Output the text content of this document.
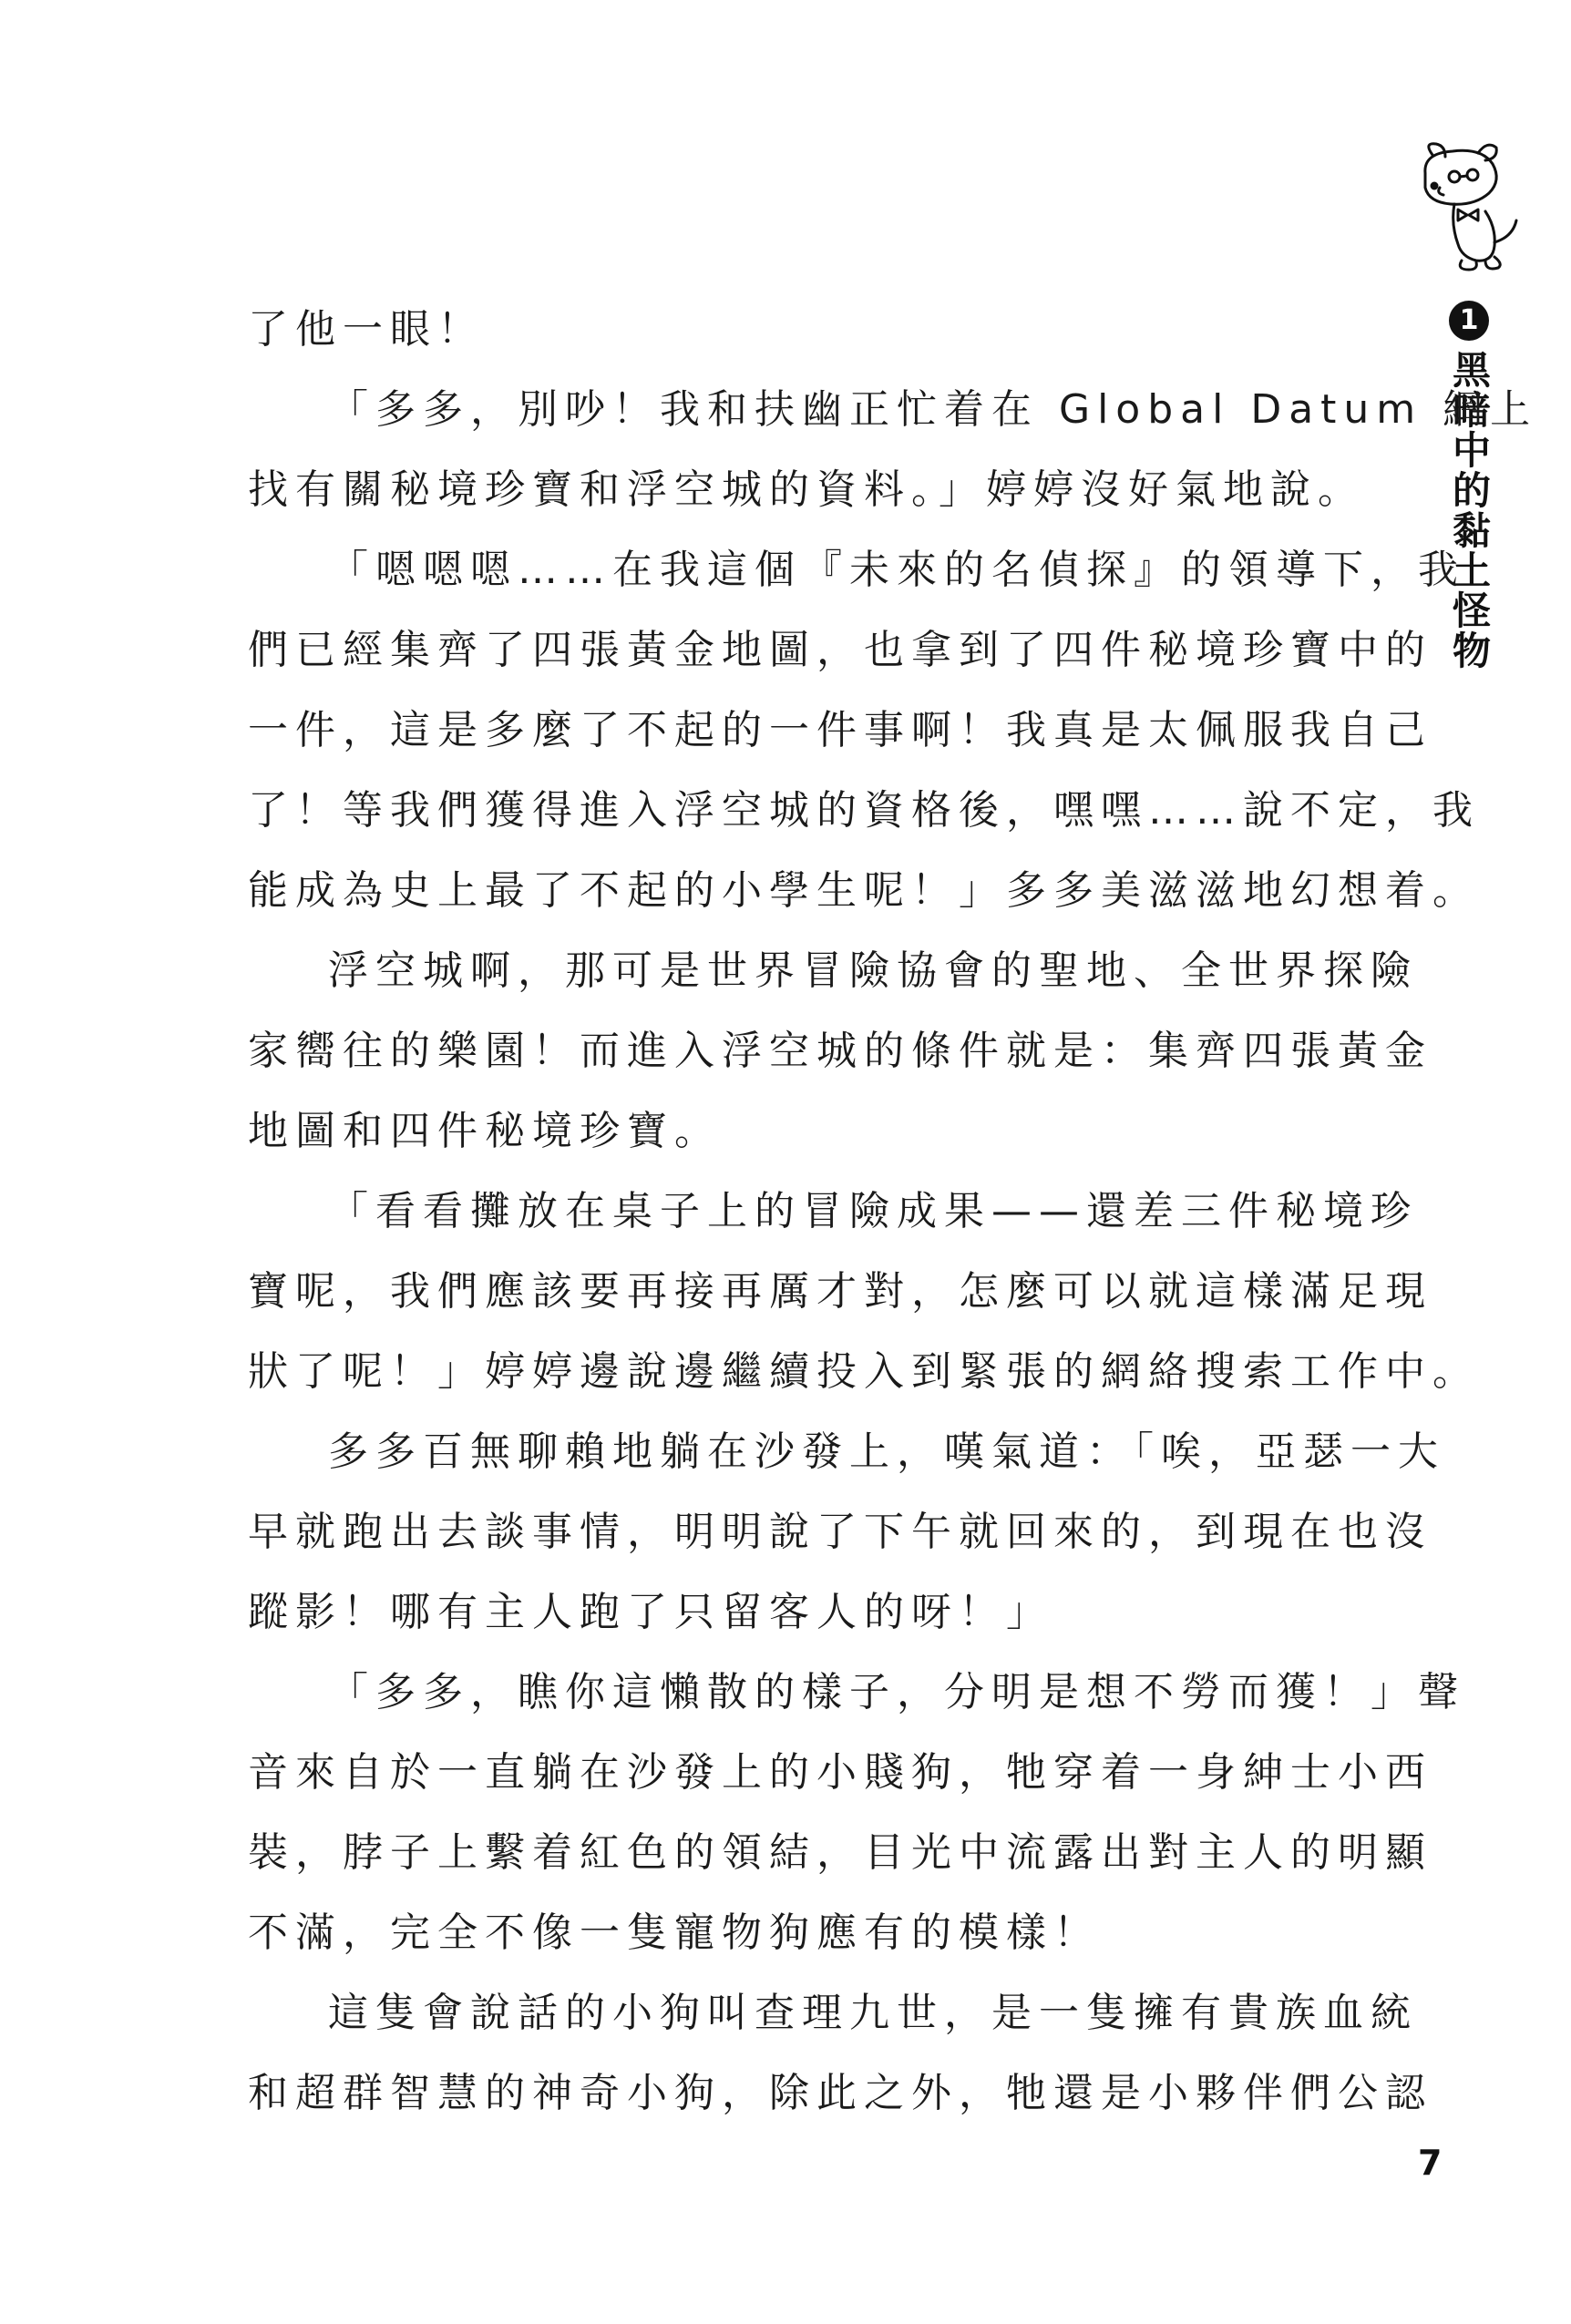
1
黑暗中的黏土怪物
了他一眼！
「多多，別吵！我和扶幽正忙着在 Global Datum 網上
找有關秘境珍寶和浮空城的資料。」婷婷沒好氣地說。
「嗯嗯嗯……在我這個『未來的名偵探』的領導下，我
們已經集齊了四張黃金地圖，也拿到了四件秘境珍寶中的
一件，這是多麼了不起的一件事啊！我真是太佩服我自己
了！等我們獲得進入浮空城的資格後，嘿嘿……說不定，我
能成為史上最了不起的小學生呢！」多多美滋滋地幻想着。
浮空城啊，那可是世界冒險協會的聖地、全世界探險
家嚮往的樂園！而進入浮空城的條件就是：集齊四張黃金
地圖和四件秘境珍寶。
「看看攤放在桌子上的冒險成果——還差三件秘境珍
寶呢，我們應該要再接再厲才對，怎麼可以就這樣滿足現
狀了呢！」婷婷邊說邊繼續投入到緊張的網絡搜索工作中。
多多百無聊賴地躺在沙發上，嘆氣道：「唉，亞瑟一大
早就跑出去談事情，明明說了下午就回來的，到現在也沒
蹤影！哪有主人跑了只留客人的呀！」
「多多，瞧你這懶散的樣子，分明是想不勞而獲！」聲
音來自於一直躺在沙發上的小賤狗，牠穿着一身紳士小西
裝，脖子上繫着紅色的領結，目光中流露出對主人的明顯
不滿，完全不像一隻寵物狗應有的模樣！
這隻會說話的小狗叫查理九世，是一隻擁有貴族血統
和超群智慧的神奇小狗，除此之外，牠還是小夥伴們公認
7
